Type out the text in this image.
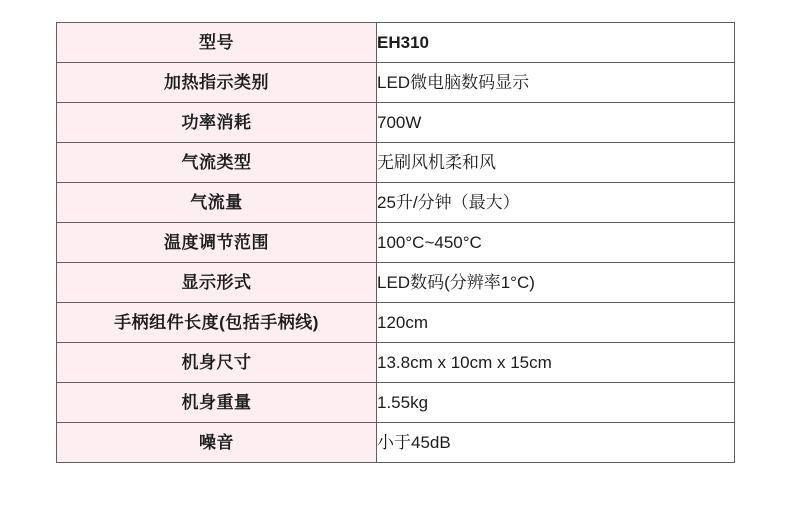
型号	EH310

加热指示类别	LED微电脑数码显示

功率消耗	700W

气流类型	无刷风机柔和风

气流量	25升/分钟（最大）

温度调节范围	100°C~450°C

显示形式	LED数码(分辨率1°C)

手柄组件长度(包括手柄线)	120cm

机身尺寸	13.8cm x 10cm x 15cm

机身重量	1.55kg

噪音	小于45dB
